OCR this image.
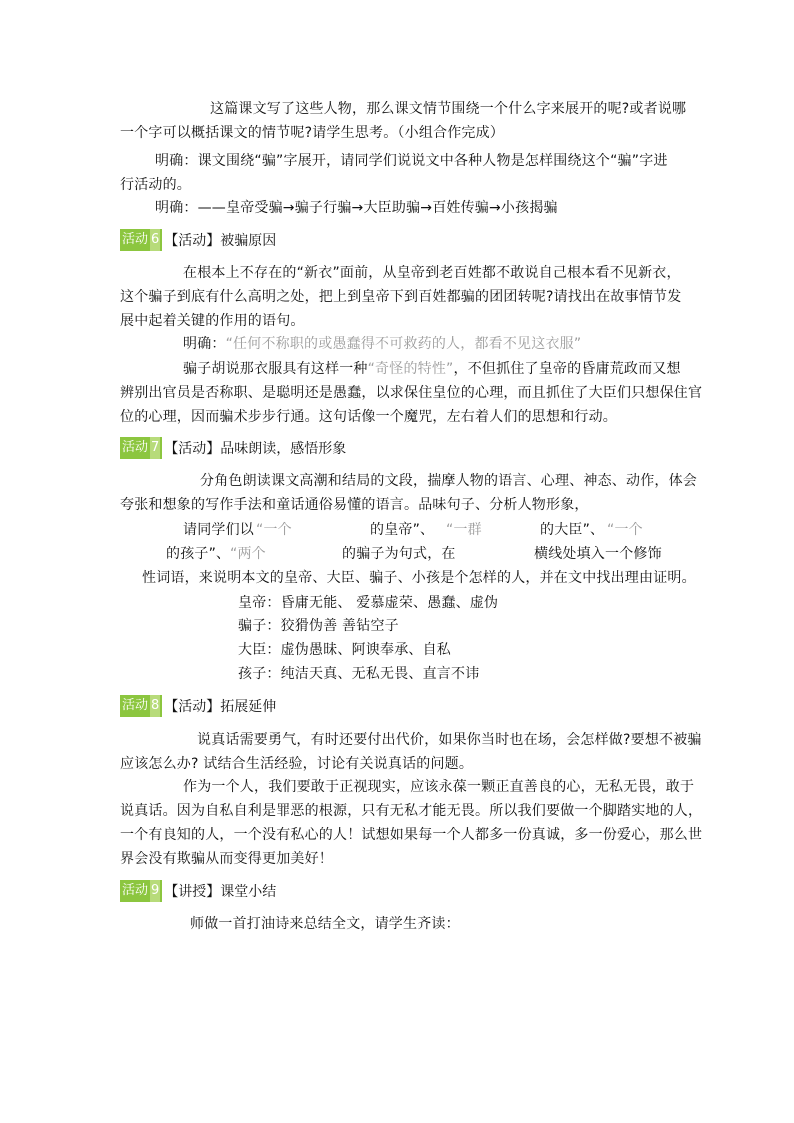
这篇课文写了这些人物，那么课文情节围绕一个什么字来展开的呢?或者说哪
一个字可以概括课文的情节呢?请学生思考。（小组合作完成）
明确：课文围绕“骗”字展开，请同学们说说文中各种人物是怎样围绕这个“骗”字进
行活动的。
明确：——皇帝受骗→骗子行骗→大臣助骗→百姓传骗→小孩揭骗
活动 6 【活动】被骗原因
在根本上不存在的“新衣”面前，从皇帝到老百姓都不敢说自己根本看不见新衣，
这个骗子到底有什么高明之处，把上到皇帝下到百姓都骗的团团转呢?请找出在故事情节发
展中起着关键的作用的语句。
明确：“任何不称职的或愚蠢得不可救药的人，都看不见这衣服”
骗子胡说那衣服具有这样一种“奇怪的特性”，不但抓住了皇帝的昏庸荒政而又想
辨别出官员是否称职、是聪明还是愚蠢，以求保住皇位的心理，而且抓住了大臣们只想保住官
位的心理，因而骗术步步行通。这句话像一个魔咒，左右着人们的思想和行动。
活动 7 【活动】品味朗读，感悟形象
分角色朗读课文高潮和结局的文段，揣摩人物的语言、心理、神态、动作，体会
夸张和想象的写作手法和童话通俗易懂的语言。品味句子、分析人物形象，
请同学们以 “一个	的皇帝”、 “一群	的大臣”、 “一个
的孩子”、 “两个	的骗子为句式，在	横线处填入一个修饰
性词语，来说明本文的皇帝、大臣、骗子、小孩是个怎样的人，并在文中找出理由证明。
皇帝：昏庸无能、 爱慕虚荣、愚蠢、虚伪
骗子：狡猾伪善 善钻空子
大臣：虚伪愚昧、阿谀奉承、自私
孩子：纯洁天真、无私无畏、直言不讳
活动 8 【活动】拓展延伸
说真话需要勇气，有时还要付出代价，如果你当时也在场，会怎样做?要想不被骗
应该怎么办? 试结合生活经验，讨论有关说真话的问题。
作为一个人，我们要敢于正视现实，应该永葆一颗正直善良的心，无私无畏，敢于
说真话。因为自私自利是罪恶的根源，只有无私才能无畏。所以我们要做一个脚踏实地的人，
一个有良知的人，一个没有私心的人！试想如果每一个人都多一份真诚，多一份爱心，那么世
界会没有欺骗从而变得更加美好！
活动 9 【讲授】课堂小结
师做一首打油诗来总结全文，请学生齐读：
